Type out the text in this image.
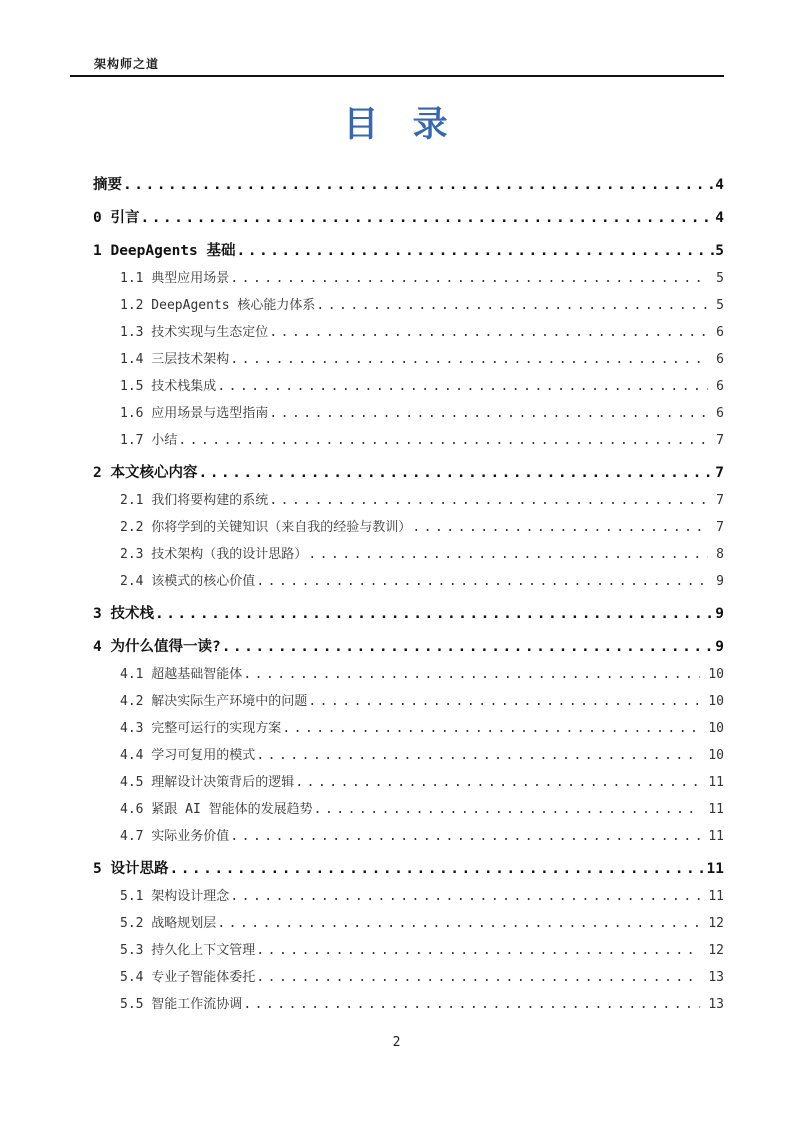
架构师之道
目 录
摘要 .....	4
0 引言 .....	4
1 DeepAgents 基础 .....	5
1.1 典型应用场景 .....	5
1.2 DeepAgents 核心能力体系 .....	5
1.3 技术实现与生态定位 .....	6
1.4 三层技术架构 .....	6
1.5 技术栈集成 .....	6
1.6 应用场景与选型指南 .....	6
1.7 小结 .....	7
2 本文核心内容 .....	7
2.1 我们将要构建的系统 .....	7
2.2 你将学到的关键知识（来自我的经验与教训） .....	7
2.3 技术架构（我的设计思路） .....	8
2.4 该模式的核心价值 .....	9
3 技术栈 .....	9
4 为什么值得一读? .....	9
4.1 超越基础智能体 .....	10
4.2 解决实际生产环境中的问题 .....	10
4.3 完整可运行的实现方案 .....	10
4.4 学习可复用的模式 .....	10
4.5 理解设计决策背后的逻辑 .....	11
4.6 紧跟 AI 智能体的发展趋势 .....	11
4.7 实际业务价值 .....	11
5 设计思路 .....	11
5.1 架构设计理念 .....	11
5.2 战略规划层 .....	12
5.3 持久化上下文管理 .....	12
5.4 专业子智能体委托 .....	13
5.5 智能工作流协调 .....	13
2
